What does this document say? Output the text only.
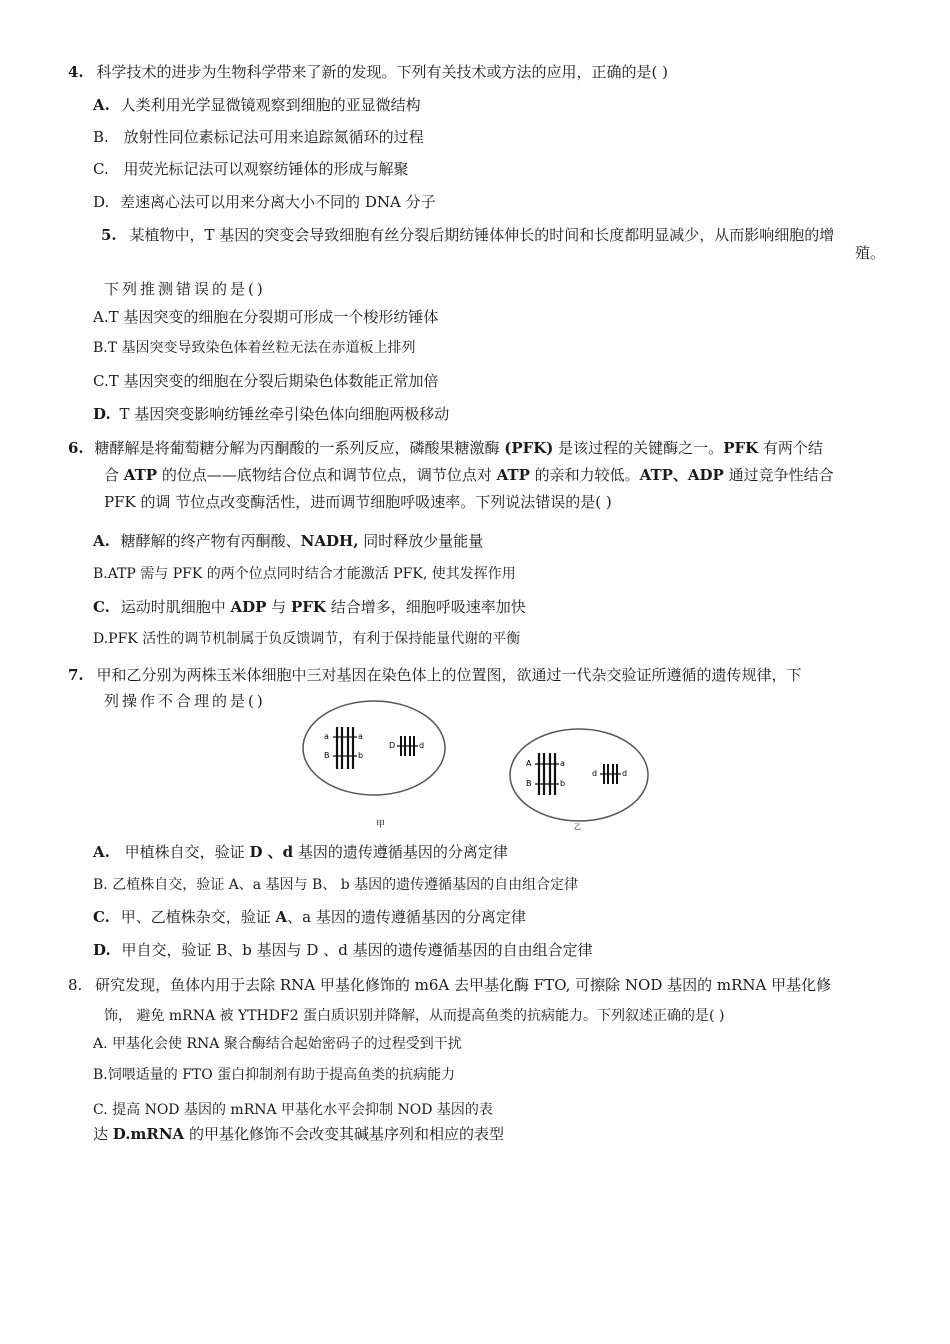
4. 科学技术的进步为生物科学带来了新的发现。下列有关技术或方法的应用，正确的是( )
A. 人类利用光学显微镜观察到细胞的亚显微结构
B. 放射性同位素标记法可用来追踪氮循环的过程
C. 用荧光标记法可以观察纺锤体的形成与解聚
D. 差速离心法可以用来分离大小不同的 DNA 分子
5. 某植物中，T 基因的突变会导致细胞有丝分裂后期纺锤体伸长的时间和长度都明显减少，从而影响细胞的增
殖。
下列推测错误的是()
A.T 基因突变的细胞在分裂期可形成一个梭形纺锤体
B.T 基因突变导致染色体着丝粒无法在赤道板上排列
C.T 基因突变的细胞在分裂后期染色体数能正常加倍
D. T 基因突变影响纺锤丝牵引染色体向细胞两极移动
6. 糖酵解是将葡萄糖分解为丙酮酸的一系列反应，磷酸果糖激酶 (PFK) 是该过程的关键酶之一。PFK 有两个结
合 ATP 的位点——底物结合位点和调节位点，调节位点对 ATP 的亲和力较低。ATP、ADP 通过竞争性结合
PFK 的调 节位点改变酶活性，进而调节细胞呼吸速率。下列说法错误的是( )
A. 糖酵解的终产物有丙酮酸、NADH, 同时释放少量能量
B.ATP 需与 PFK 的两个位点同时结合才能激活 PFK, 使其发挥作用
C. 运动时肌细胞中 ADP 与 PFK 结合增多，细胞呼吸速率加快
D.PFK 活性的调节机制属于负反馈调节，有利于保持能量代谢的平衡
7. 甲和乙分别为两株玉米体细胞中三对基因在染色体上的位置图，欲通过一代杂交验证所遵循的遗传规律，下
列操作不合理的是()
a
B
a
b
D	d
甲
A
B
a
b
d	d
乙
A. 甲植株自交，验证 D 、d 基因的遗传遵循基因的分离定律
B. 乙植株自交，验证 A、a 基因与 B、 b 基因的遗传遵循基因的自由组合定律
C. 甲、乙植株杂交，验证 A、a 基因的遗传遵循基因的分离定律
D. 甲自交，验证 B、b 基因与 D 、d 基因的遗传遵循基因的自由组合定律
8. 研究发现，鱼体内用于去除 RNA 甲基化修饰的 m6A 去甲基化酶 FTO, 可擦除 NOD 基因的 mRNA 甲基化修
饰， 避免 mRNA 被 YTHDF2 蛋白质识别并降解，从而提高鱼类的抗病能力。下列叙述正确的是( )
A. 甲基化会使 RNA 聚合酶结合起始密码子的过程受到干扰
B.饲喂适量的 FTO 蛋白抑制剂有助于提高鱼类的抗病能力
C. 提高 NOD 基因的 mRNA 甲基化水平会抑制 NOD 基因的表
达 D.mRNA 的甲基化修饰不会改变其碱基序列和相应的表型
